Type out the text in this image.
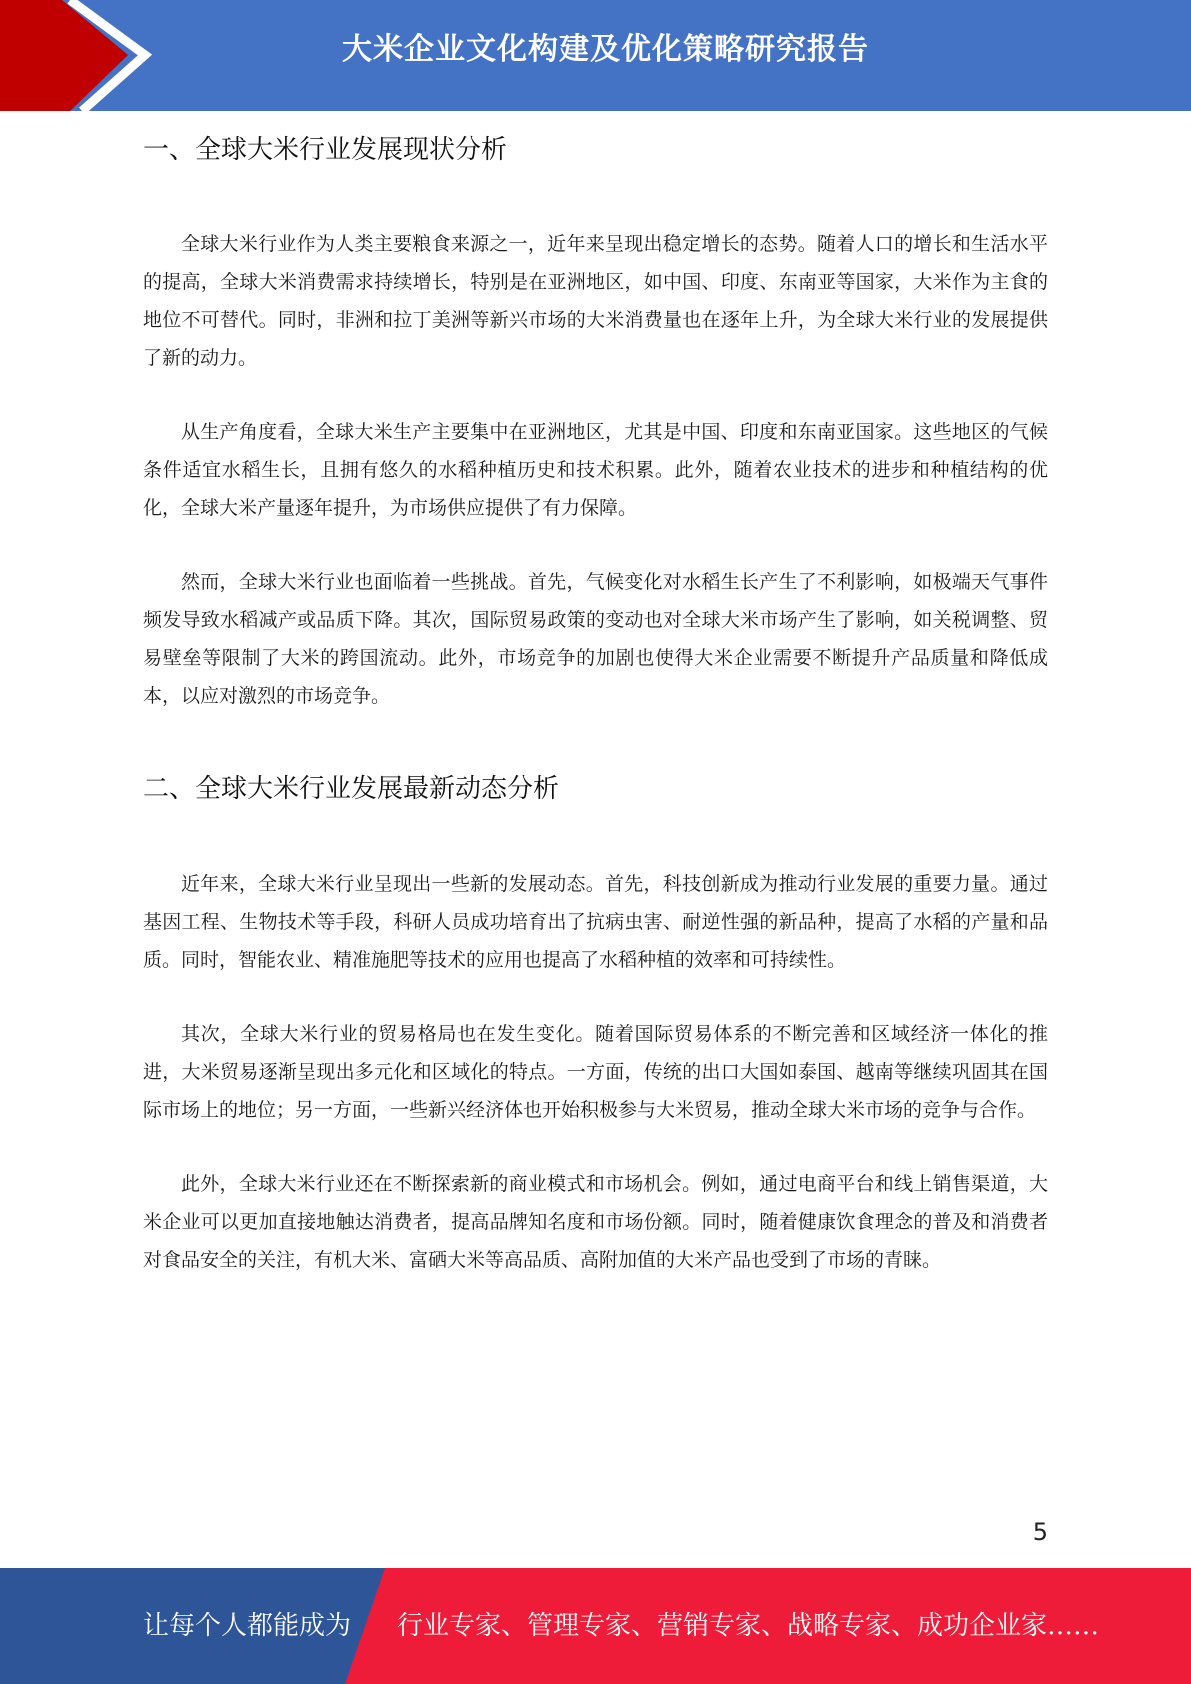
大米企业文化构建及优化策略研究报告
一、全球大米行业发展现状分析

全球大米行业作为人类主要粮食来源之一，近年来呈现出稳定增长的态势。随着人口的增长和生活水平的提高，全球大米消费需求持续增长，特别是在亚洲地区，如中国、印度、东南亚等国家，大米作为主食的地位不可替代。同时，非洲和拉丁美洲等新兴市场的大米消费量也在逐年上升，为全球大米行业的发展提供了新的动力。

从生产角度看，全球大米生产主要集中在亚洲地区，尤其是中国、印度和东南亚国家。这些地区的气候条件适宜水稻生长，且拥有悠久的水稻种植历史和技术积累。此外，随着农业技术的进步和种植结构的优化，全球大米产量逐年提升，为市场供应提供了有力保障。

然而，全球大米行业也面临着一些挑战。首先，气候变化对水稻生长产生了不利影响，如极端天气事件频发导致水稻减产或品质下降。其次，国际贸易政策的变动也对全球大米市场产生了影响，如关税调整、贸易壁垒等限制了大米的跨国流动。此外，市场竞争的加剧也使得大米企业需要不断提升产品质量和降低成本，以应对激烈的市场竞争。

二、全球大米行业发展最新动态分析

近年来，全球大米行业呈现出一些新的发展动态。首先，科技创新成为推动行业发展的重要力量。通过基因工程、生物技术等手段，科研人员成功培育出了抗病虫害、耐逆性强的新品种，提高了水稻的产量和品质。同时，智能农业、精准施肥等技术的应用也提高了水稻种植的效率和可持续性。

其次，全球大米行业的贸易格局也在发生变化。随着国际贸易体系的不断完善和区域经济一体化的推进，大米贸易逐渐呈现出多元化和区域化的特点。一方面，传统的出口大国如泰国、越南等继续巩固其在国际市场上的地位；另一方面，一些新兴经济体也开始积极参与大米贸易，推动全球大米市场的竞争与合作。

此外，全球大米行业还在不断探索新的商业模式和市场机会。例如，通过电商平台和线上销售渠道，大米企业可以更加直接地触达消费者，提高品牌知名度和市场份额。同时，随着健康饮食理念的普及和消费者对食品安全的关注，有机大米、富硒大米等高品质、高附加值的大米产品也受到了市场的青睐。

5
让每个人都能成为 行业专家、管理专家、营销专家、战略专家、成功企业家……
